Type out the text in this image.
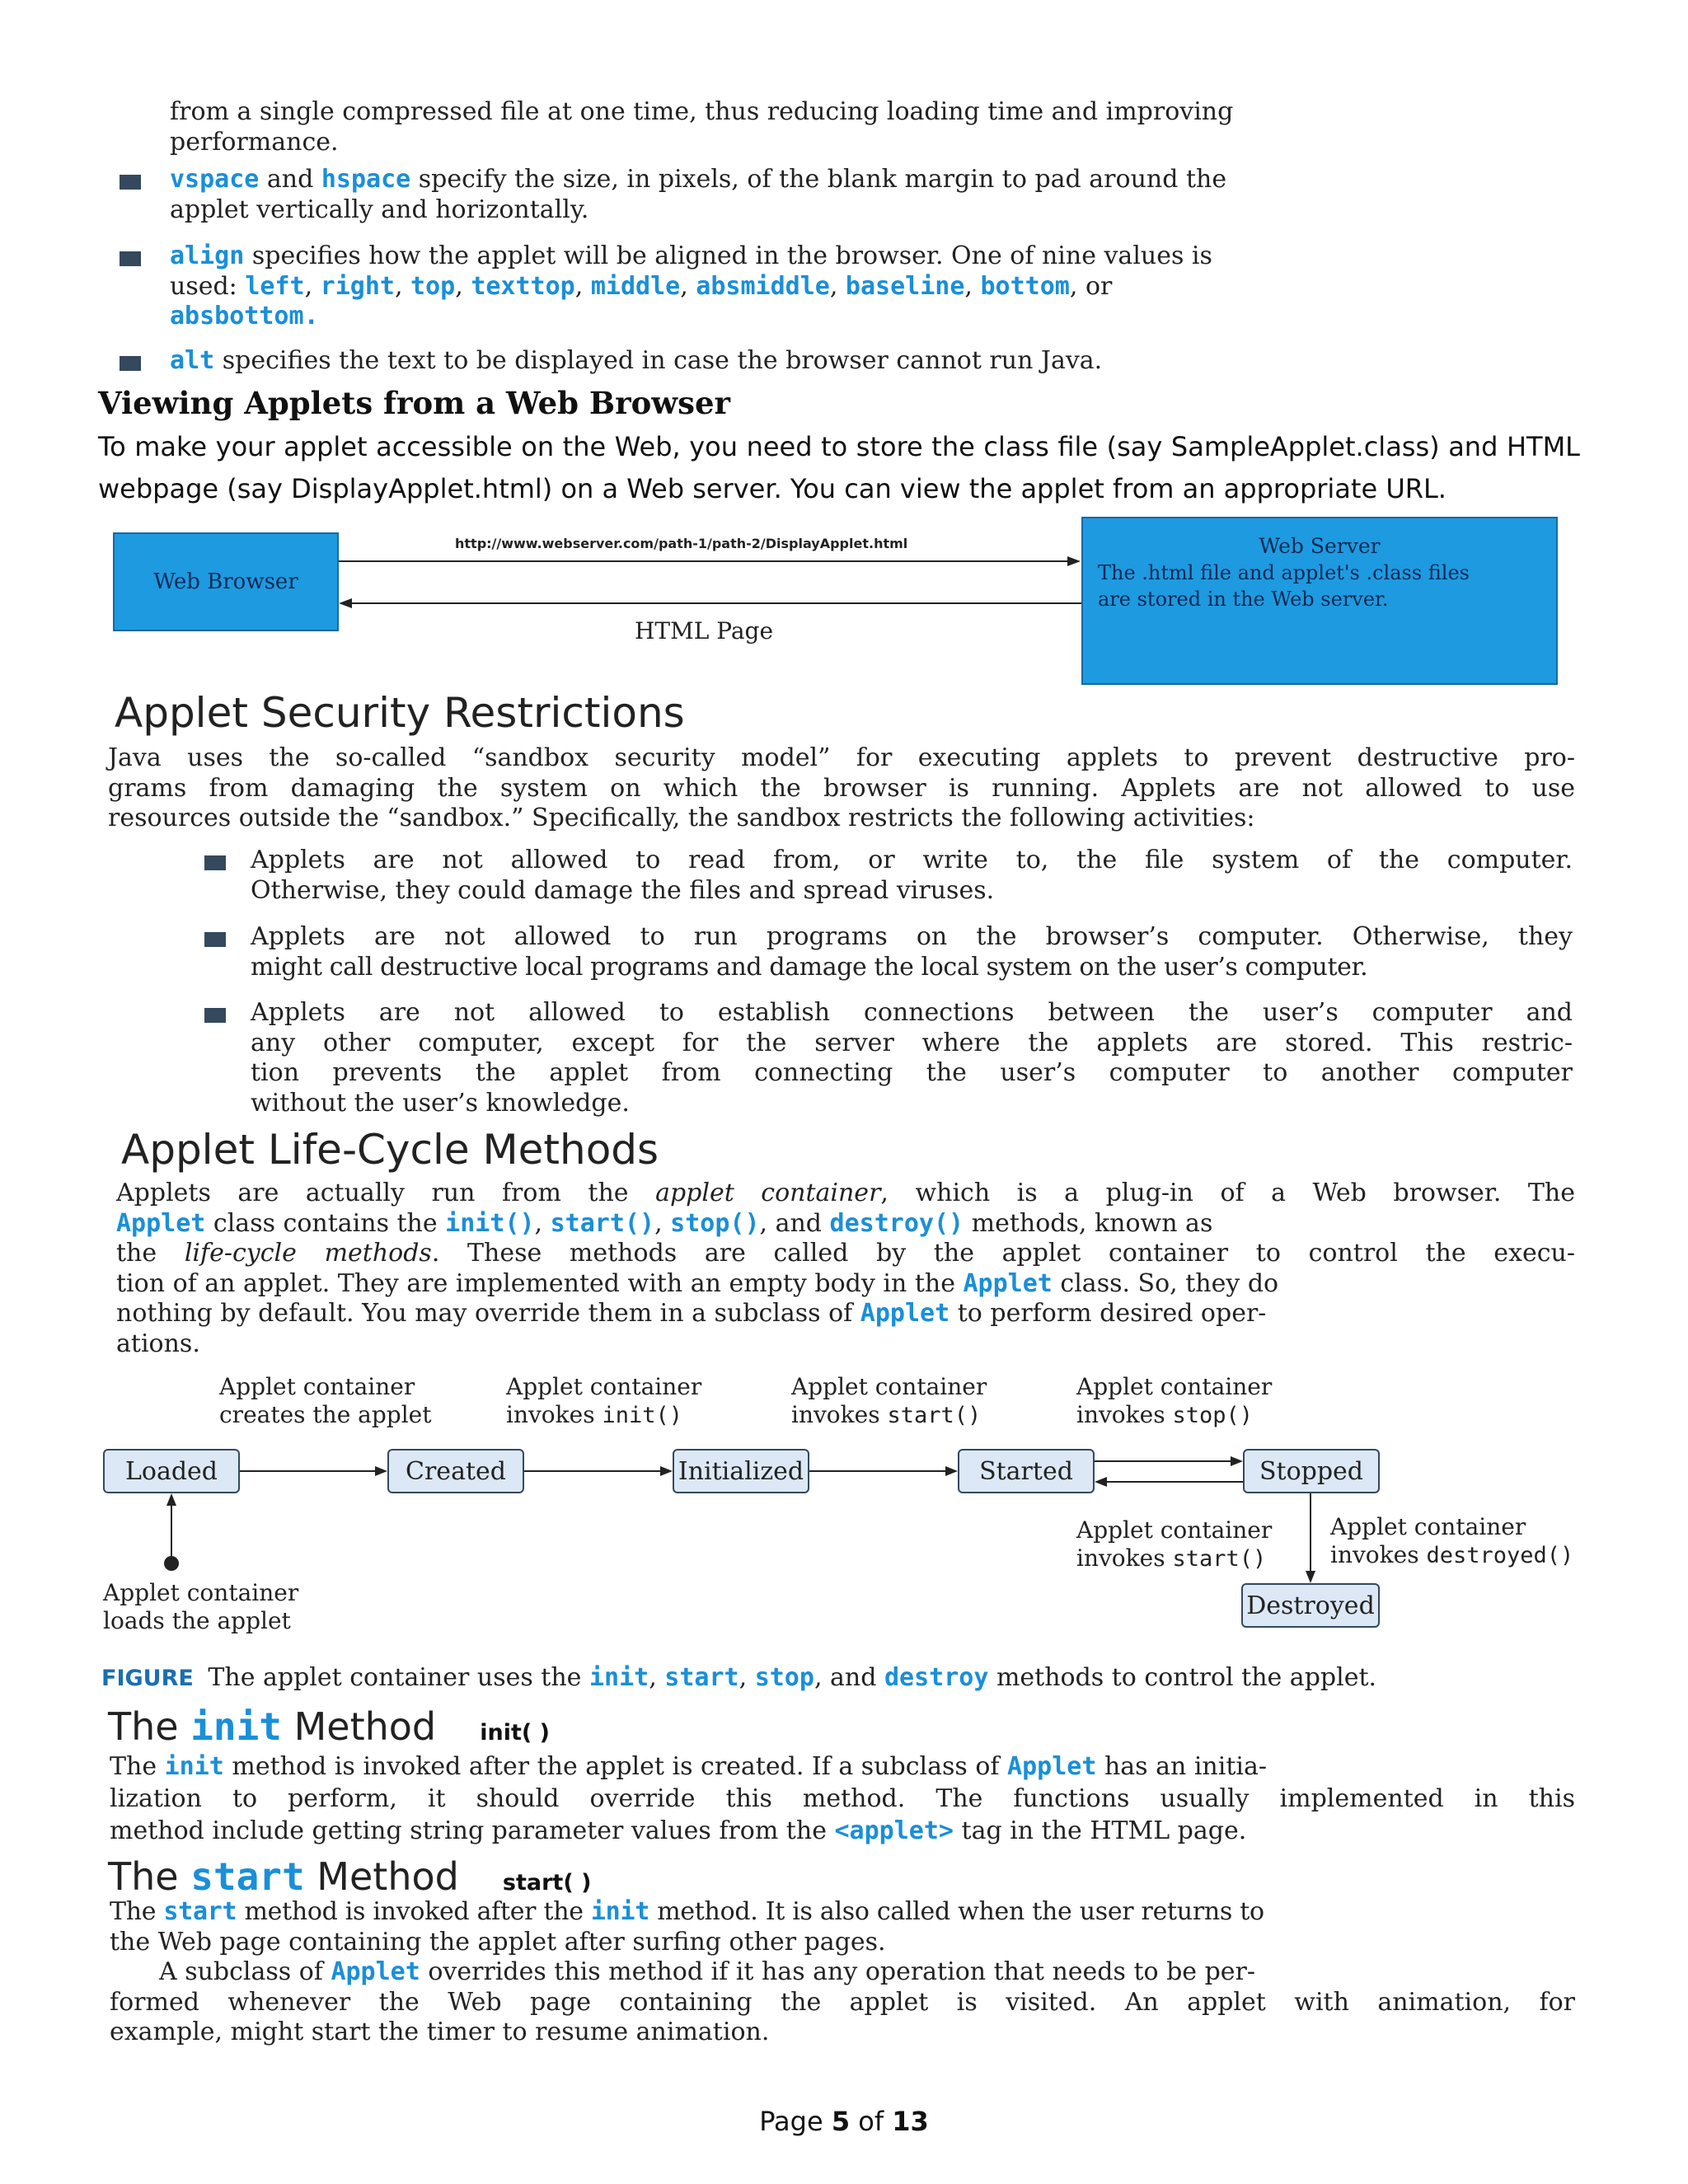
from a single compressed file at one time, thus reducing loading time and improving
performance.
vspace and hspace specify the size, in pixels, of the blank margin to pad around the
applet vertically and horizontally.
align specifies how the applet will be aligned in the browser. One of nine values is
used: left, right, top, texttop, middle, absmiddle, baseline, bottom, or
absbottom.
alt specifies the text to be displayed in case the browser cannot run Java.
Viewing Applets from a Web Browser
To make your applet accessible on the Web, you need to store the class file (say SampleApplet.class) and HTML
webpage (say DisplayApplet.html) on a Web server. You can view the applet from an appropriate URL.
Web Browser
Web Server
The .html file and applet's .class files
are stored in the Web server.
http://www.webserver.com/path-1/path-2/DisplayApplet.html
HTML Page
Applet Security Restrictions
Java uses the so-called “sandbox security model” for executing applets to prevent destructive pro-
grams from damaging the system on which the browser is running. Applets are not allowed to use
resources outside the “sandbox.” Specifically, the sandbox restricts the following activities:
Applets are not allowed to read from, or write to, the file system of the computer.
Otherwise, they could damage the files and spread viruses.
Applets are not allowed to run programs on the browser’s computer. Otherwise, they
might call destructive local programs and damage the local system on the user’s computer.
Applets are not allowed to establish connections between the user’s computer and
any other computer, except for the server where the applets are stored. This restric-
tion prevents the applet from connecting the user’s computer to another computer
without the user’s knowledge.
Applet Life-Cycle Methods
Applets are actually run from the applet container, which is a plug-in of a Web browser. The
Applet class contains the init(), start(), stop(), and destroy() methods, known as
the life-cycle methods. These methods are called by the applet container to control the execu-
tion of an applet. They are implemented with an empty body in the Applet class. So, they do
nothing by default. You may override them in a subclass of Applet to perform desired oper-
ations.
Applet container
creates the applet
Applet container
invokes init()
Applet container
invokes start()
Applet container
invokes stop()
Loaded	Created	Initialized	Started	Stopped
Destroyed
Applet container
invokes start()
Applet container
invokes destroyed()
Applet container
loads the applet
FIGURE The applet container uses the init, start, stop, and destroy methods to control the applet.
The init Method init( )
The init method is invoked after the applet is created. If a subclass of Applet has an initia-
lization to perform, it should override this method. The functions usually implemented in this
method include getting string parameter values from the <applet> tag in the HTML page.
The start Method start( )
The start method is invoked after the init method. It is also called when the user returns to
the Web page containing the applet after surfing other pages.
A subclass of Applet overrides this method if it has any operation that needs to be per-
formed whenever the Web page containing the applet is visited. An applet with animation, for
example, might start the timer to resume animation.
Page 5 of 13
